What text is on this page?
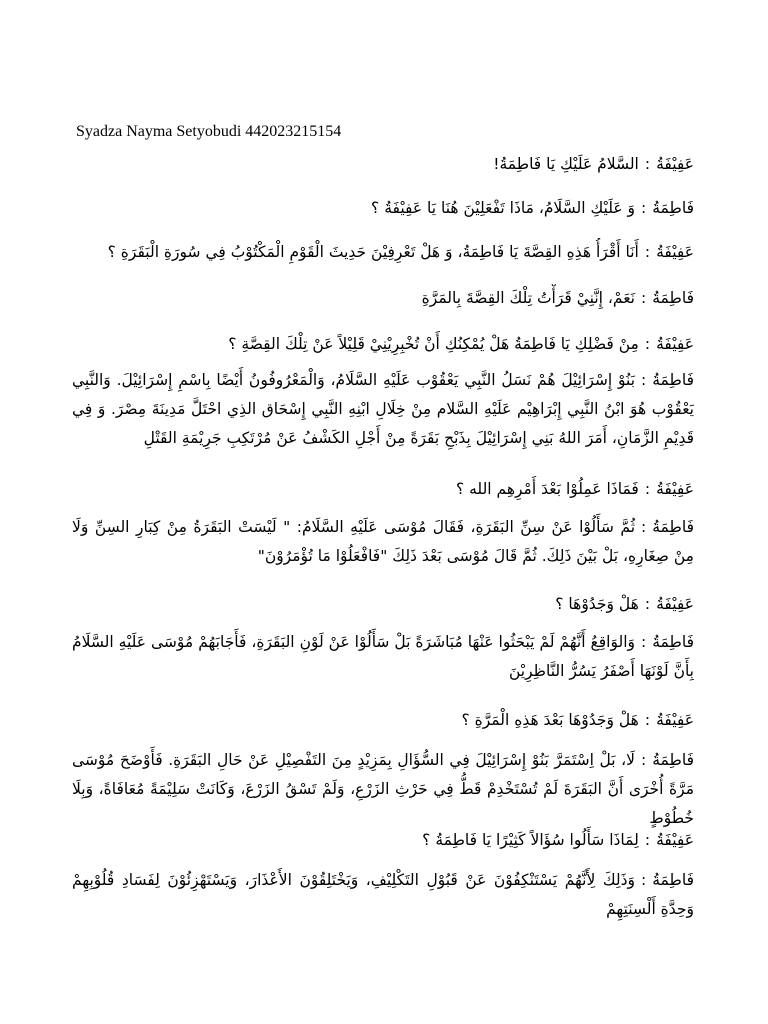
Syadza Nayma Setyobudi 442023215154
عَفِيْفَةُ:السَّلامُ عَلَيْكِ يَا فَاطِمَةُ!
فَاطِمَةُ:وَ عَلَيْكِ السَّلَامُ، مَاذَا تَفْعَلِيْنَ هُنَا يَا عَفِيْفَةُ ؟
عَفِيْفَةُ:أَنَا أَقْرَأُ هَذِهِ القِصَّةَ يَا فَاطِمَةُ، وَ هَلْ تَعْرِفِيْنَ حَدِيثَ الْقَوْمِ الْمَكْتُوْبُ فِي سُورَةِ الْبَقَرَةِ ؟
فَاطِمَةُ:نَعَمْ، إِنَّنِيْ قَرَأْتُ تِلْكَ القِصَّةَ بِالمَرَّةِ
عَفِيْفَةُ:مِنْ فَضْلِكِ يَا فَاطِمَةُ هَلْ يُمْكِنُكِ أَنْ تُخْبِرِيْنِيْ قَلِيْلاً عَنْ تِلْكَ القِصَّةِ ؟
فَاطِمَةُ:بَنُوْ إِسْرَائِيْلَ هُمْ نَسَلُ النَّبِي يَعْقُوْب عَلَيْهِ السَّلَامُ، وَالْمَعْرُوفُونُ أَيْضًا بِاسْمِ إِسْرَائِيْلَ. وَالنَّبِي يَعْقُوْب هُوَ ابْنُ النَّبِي إِبْرَاهِيْم عَلَيْهِ السَّلام مِنْ خِلَالِ ابْنِهِ النَّبِي إِسْحَاق الذِي احْتَلَّ مَدِينَةَ مِصْرَ. وَ فِي قَدِيْمِ الزَّمَانِ، أَمَرَ اللهُ بَنِي إِسْرَائِيْلَ بِذَبْحِ بَقَرَةً مِنْ أَجْلِ الكَشْفُ عَنْ مُرْتَكِبِ جَرِيْمَةِ القَتْلِ
عَفِيْفَةُ:فَمَاذَا عَمِلُوْا بَعْدَ أَمْرِهِم الله ؟
فَاطِمَةُ:ثُمَّ سَأَلُوْا عَنْ سِنِّ البَقَرَةِ، فَقَالَ مُوْسَى عَلَيْهِ السَّلَامُ: " لَيْسَتْ البَقَرَةُ مِنْ كِبَارِ السِنِّ وَلَا مِنْ صِغَارِهِ، بَلْ بَيْنَ ذَلِكَ. ثُمَّ قَالَ مُوْسَى بَعْدَ ذَلِكَ "فَافْعَلُوْا مَا تُؤْمَرُوْنَ"
عَفِيْفَةُ:هَلْ وَجَدُوْهَا ؟
فَاطِمَةُ:وَالوَاقِعُ أَنَّهُمْ لَمْ يَبْحَثُوا عَنْهَا مُبَاشَرَةً بَلْ سَأَلُوْا عَنْ لَوْنِ البَقَرَةِ، فَأَجَابَهُمْ مُوْسَى عَلَيْهِ السَّلَامُ بِأَنَّ لَوْنَهَا أَصْفَرُ يَسُرُّ النَّاظِرِيْنَ
عَفِيْفَةُ:هَلْ وَجَدُوْهَا بَعْدَ هَذِهِ الْمَرَّةِ ؟
فَاطِمَةُ:لَا، بَلْ اِسْتَمَرَّ بَنُوْ إِسْرَائِيْلَ فِي السُّؤَالِ بِمَزِيْدٍ مِنَ التَفْصِيْلِ عَنْ حَالِ البَقَرَةِ. فَأَوْضَحَ مُوْسَى مَرَّةً أُخْرَى أَنَّ البَقَرَةَ لَمْ تُسْتَخْدِمْ قَطُّ فِي حَرْثِ الزَرْعِ، وَلَمْ تَسْقُ الزَرْعَ، وَكَانَتْ سَلِيْمَةً مُعَافَاةً، وَبِلَا خُطُوْطٍ
عَفِيْفَةُ:لِمَاذَا سَأَلُوا سُؤَالاً كَثِيْرًا يَا فَاطِمَةُ ؟
فَاطِمَةُ:وَذَلِكَ لِأَنَّهُمْ يَسْتَنْكِفُوْنَ عَنْ قَبُوْلِ التَكْلِيْفِ، وَيَخْتَلِقُوْنَ الأَعْذَارَ، وَيَسْتَهْزِئُوْنَ لِفَسَادِ قُلُوْبِهِمْ وَحِدَّةِ أَلْسِنَتِهِمْ
